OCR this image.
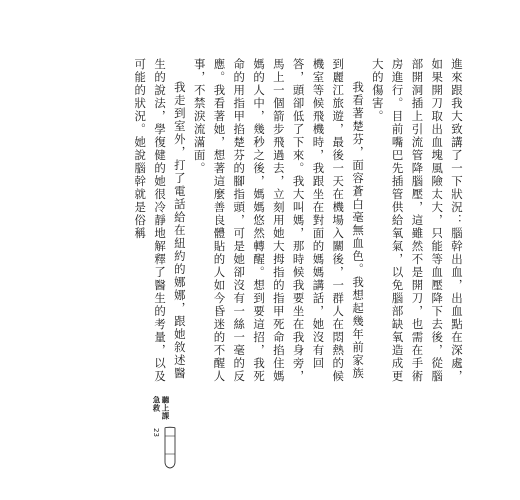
進來跟我大致講了一下狀況：腦幹出血，出血點在深處，如果開刀取出血塊風險太大，只能等血壓降下去後，從腦部開洞插上引流管降腦壓，這雖然不是開刀，也需在手術房進行。目前嘴巴先插管供給氧氣，以免腦部缺氧造成更大的傷害。

我看著楚芬，面容蒼白毫無血色。我想起幾年前家族到麗江旅遊，最後一天在機場入關後，一群人在悶熱的候機室等候飛機時，我跟坐在對面的媽媽講話，她沒有回答，頭卻低了下來。我大叫媽，那時候我要坐在我身旁，馬上一個箭步飛過去，立刻用她大拇指的指甲死命掐住媽媽的人中，幾秒之後，媽媽悠然轉醒。想到要這招，我死命的用指甲掐楚芬的腳指頭，可是她卻沒有一絲一毫的反應。我看著她，想著這麼善良體貼的人如今昏迷的不醒人事，不禁淚流滿面。

我走到室外，打了電話給在紐約的娜娜，跟她敘述醫生的說法，學復健的她很冷靜地解釋了醫生的考量，以及可能的狀況。她說腦幹就是俗稱

聽上課
急救
23
